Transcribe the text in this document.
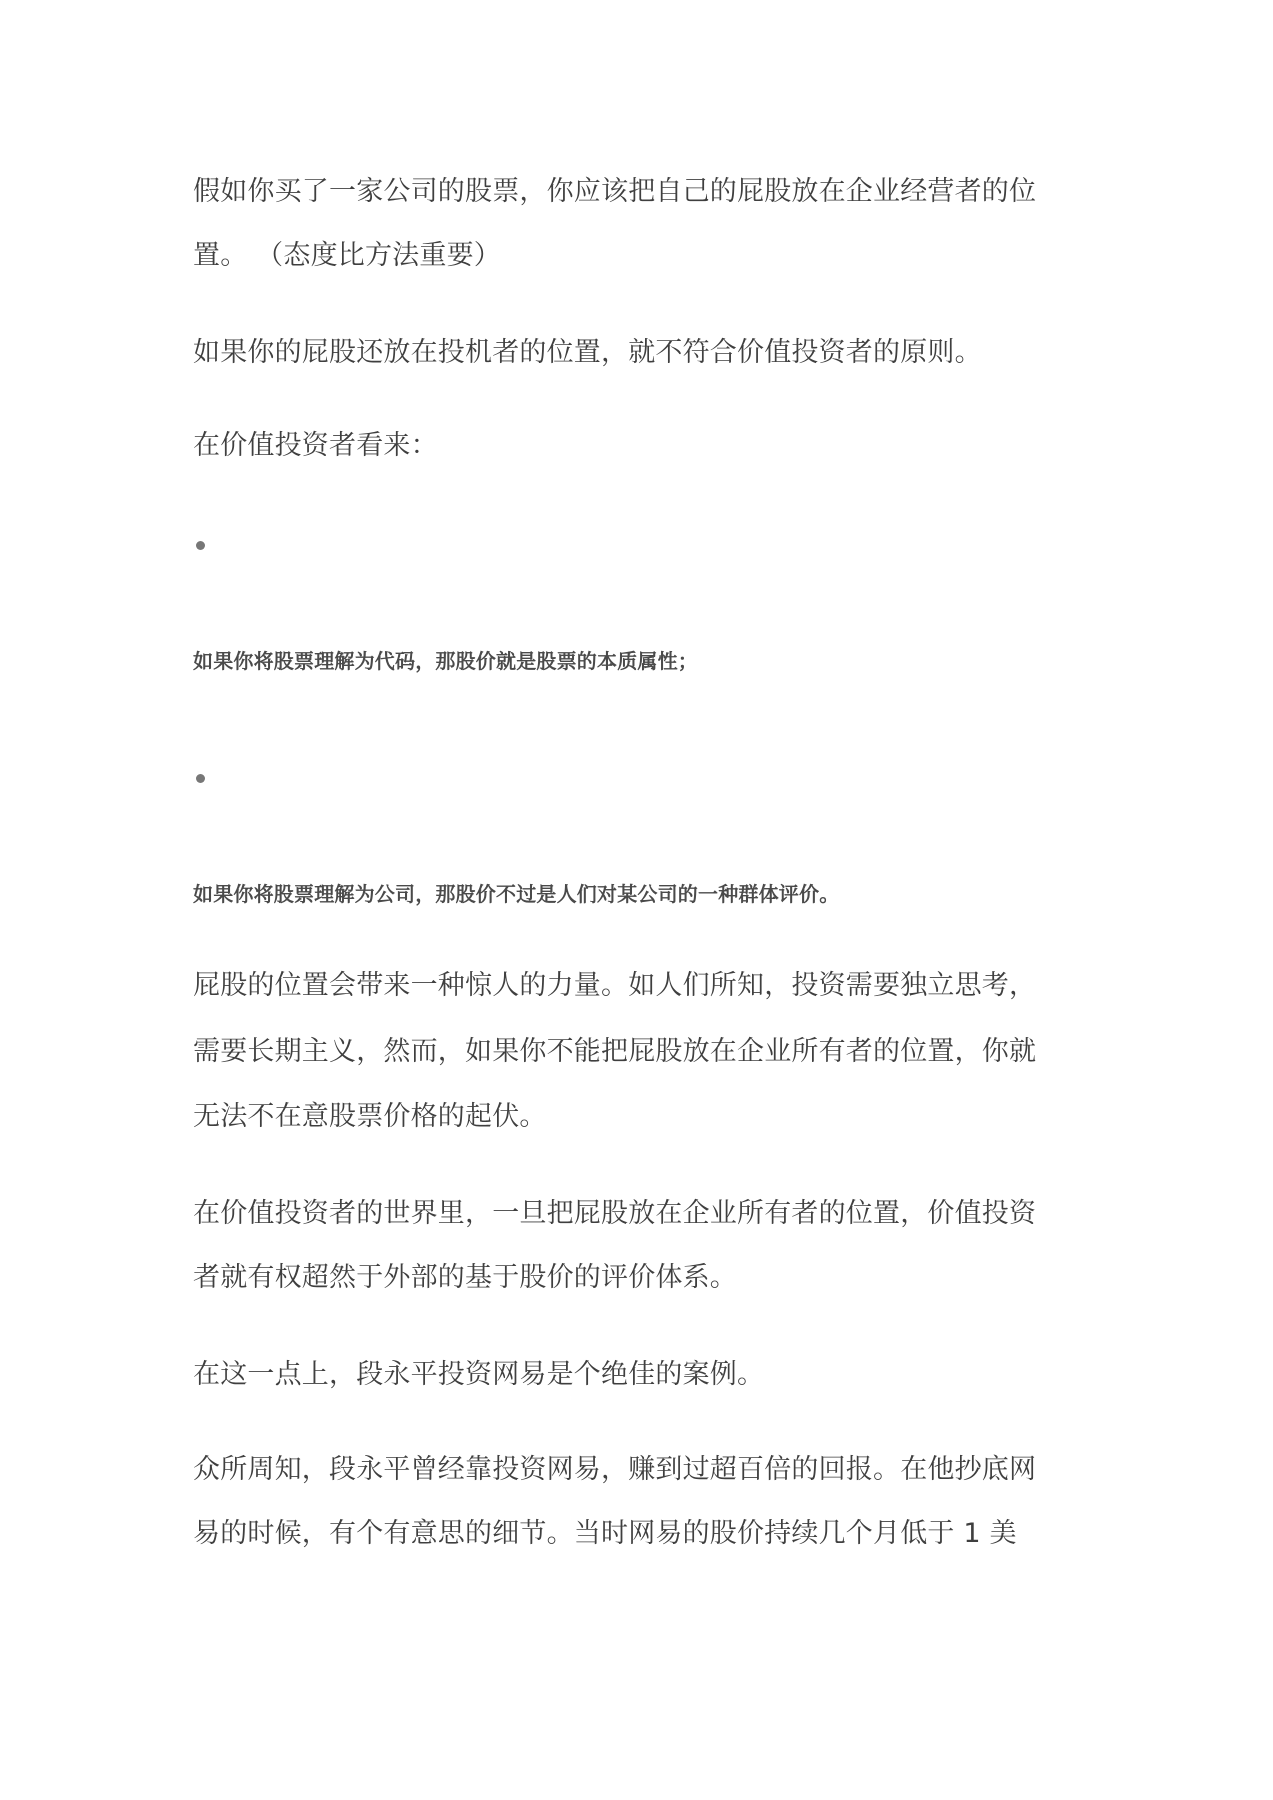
假如你买了一家公司的股票，你应该把自己的屁股放在企业经营者的位

置。 （态度比方法重要）

如果你的屁股还放在投机者的位置，就不符合价值投资者的原则。

在价值投资者看来：

如果你将股票理解为代码，那股价就是股票的本质属性；

如果你将股票理解为公司，那股价不过是人们对某公司的一种群体评价。

屁股的位置会带来一种惊人的力量。如人们所知，投资需要独立思考，

需要长期主义，然而，如果你不能把屁股放在企业所有者的位置，你就

无法不在意股票价格的起伏。

在价值投资者的世界里，一旦把屁股放在企业所有者的位置，价值投资

者就有权超然于外部的基于股价的评价体系。

在这一点上，段永平投资网易是个绝佳的案例。

众所周知，段永平曾经靠投资网易，赚到过超百倍的回报。在他抄底网

易的时候，有个有意思的细节。当时网易的股价持续几个月低于 1 美
